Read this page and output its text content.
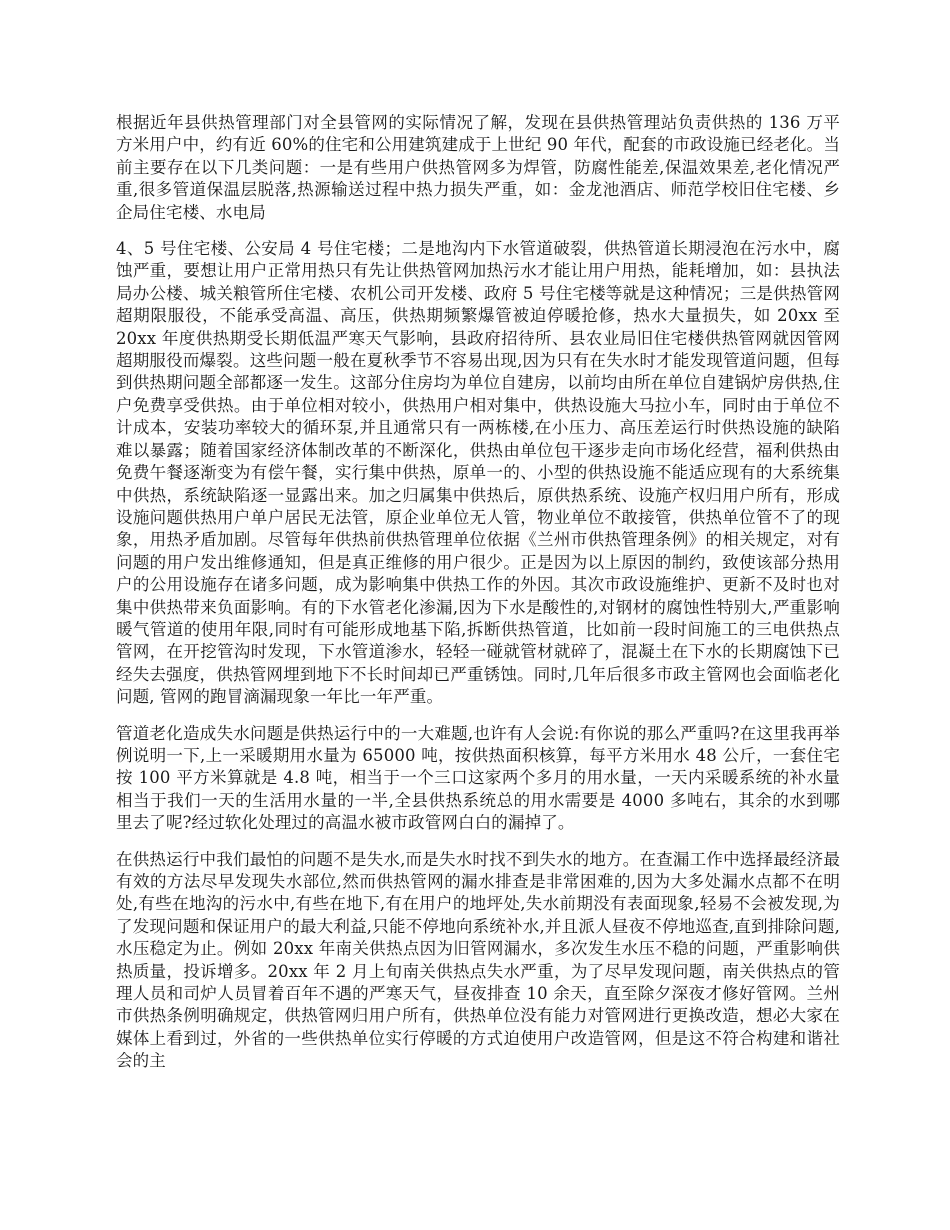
根据近年县供热管理部门对全县管网的实际情况了解，发现在县供热管理站负责供热的 136 万平方米用户中，约有近 60%的住宅和公用建筑建成于上世纪 90 年代，配套的市政设施已经老化。当前主要存在以下几类问题：一是有些用户供热管网多为焊管，防腐性能差,保温效果差,老化情况严重,很多管道保温层脱落,热源输送过程中热力损失严重，如：金龙池酒店、师范学校旧住宅楼、乡企局住宅楼、水电局

4、5 号住宅楼、公安局 4 号住宅楼；二是地沟内下水管道破裂，供热管道长期浸泡在污水中，腐蚀严重，要想让用户正常用热只有先让供热管网加热污水才能让用户用热，能耗增加，如：县执法局办公楼、城关粮管所住宅楼、农机公司开发楼、政府 5 号住宅楼等就是这种情况；三是供热管网超期限服役，不能承受高温、高压，供热期频繁爆管被迫停暖抢修，热水大量损失，如 20xx 至 20xx 年度供热期受长期低温严寒天气影响，县政府招待所、县农业局旧住宅楼供热管网就因管网超期服役而爆裂。这些问题一般在夏秋季节不容易出现,因为只有在失水时才能发现管道问题，但每到供热期问题全部都逐一发生。这部分住房均为单位自建房，以前均由所在单位自建锅炉房供热,住户免费享受供热。由于单位相对较小，供热用户相对集中，供热设施大马拉小车，同时由于单位不计成本，安装功率较大的循环泵,并且通常只有一两栋楼,在小压力、高压差运行时供热设施的缺陷难以暴露；随着国家经济体制改革的不断深化，供热由单位包干逐步走向市场化经营，福利供热由免费午餐逐渐变为有偿午餐，实行集中供热，原单一的、小型的供热设施不能适应现有的大系统集中供热，系统缺陷逐一显露出来。加之归属集中供热后，原供热系统、设施产权归用户所有，形成设施问题供热用户单户居民无法管，原企业单位无人管，物业单位不敢接管，供热单位管不了的现象，用热矛盾加剧。尽管每年供热前供热管理单位依据《兰州市供热管理条例》的相关规定，对有问题的用户发出维修通知，但是真正维修的用户很少。正是因为以上原因的制约，致使该部分热用户的公用设施存在诸多问题，成为影响集中供热工作的外因。其次市政设施维护、更新不及时也对集中供热带来负面影响。有的下水管老化渗漏,因为下水是酸性的,对钢材的腐蚀性特别大,严重影响暖气管道的使用年限,同时有可能形成地基下陷,拆断供热管道，比如前一段时间施工的三电供热点管网，在开挖管沟时发现，下水管道渗水，轻轻一碰就管材就碎了，混凝土在下水的长期腐蚀下已经失去强度，供热管网埋到地下不长时间却已严重锈蚀。同时,几年后很多市政主管网也会面临老化问题, 管网的跑冒滴漏现象一年比一年严重。

管道老化造成失水问题是供热运行中的一大难题,也许有人会说:有你说的那么严重吗?在这里我再举例说明一下,上一采暖期用水量为 65000 吨，按供热面积核算，每平方米用水 48 公斤，一套住宅按 100 平方米算就是 4.8 吨，相当于一个三口这家两个多月的用水量，一天内采暖系统的补水量相当于我们一天的生活用水量的一半,全县供热系统总的用水需要是 4000 多吨右，其余的水到哪里去了呢?经过软化处理过的高温水被市政管网白白的漏掉了。

在供热运行中我们最怕的问题不是失水,而是失水时找不到失水的地方。在查漏工作中选择最经济最有效的方法尽早发现失水部位,然而供热管网的漏水排查是非常困难的,因为大多处漏水点都不在明处,有些在地沟的污水中,有些在地下,有在用户的地坪处,失水前期没有表面现象,轻易不会被发现,为了发现问题和保证用户的最大利益,只能不停地向系统补水,并且派人昼夜不停地巡查,直到排除问题,水压稳定为止。例如 20xx 年南关供热点因为旧管网漏水，多次发生水压不稳的问题，严重影响供热质量，投诉增多。20xx 年 2 月上旬南关供热点失水严重，为了尽早发现问题，南关供热点的管理人员和司炉人员冒着百年不遇的严寒天气，昼夜排查 10 余天，直至除夕深夜才修好管网。兰州市供热条例明确规定，供热管网归用户所有，供热单位没有能力对管网进行更换改造，想必大家在媒体上看到过，外省的一些供热单位实行停暖的方式迫使用户改造管网，但是这不符合构建和谐社会的主
